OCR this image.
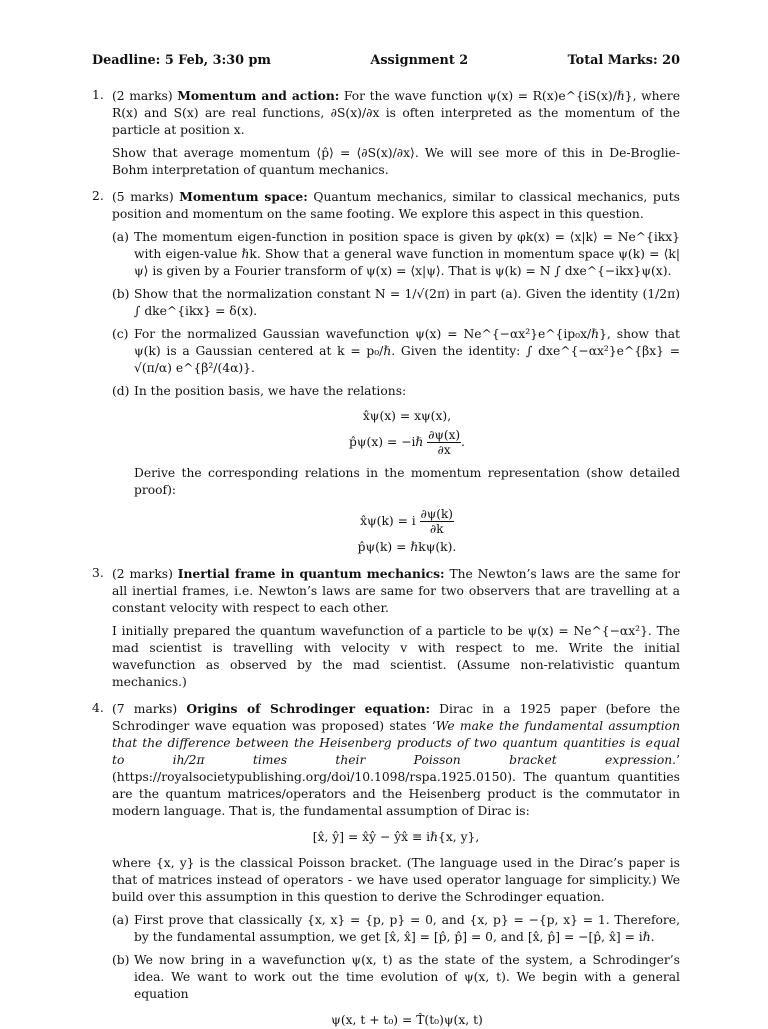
Deadline: 5 Feb, 3:30 pm	Assignment 2	Total Marks: 20
1. (2 marks) Momentum and action: For the wave function ψ(x) = R(x)e^{iS(x)/ℏ}, where R(x) and S(x) are real functions, ∂S(x)/∂x is often interpreted as the momentum of the particle at position x.

Show that average momentum ⟨p̂⟩ = ⟨∂S(x)/∂x⟩. We will see more of this in De-Broglie-Bohm interpretation of quantum mechanics.

2. (5 marks) Momentum space: Quantum mechanics, similar to classical mechanics, puts position and momentum on the same footing. We explore this aspect in this question.

(a) The momentum eigen-function in position space is given by φk(x) = ⟨x|k⟩ = Ne^{ikx} with eigen-value ℏk. Show that a general wave function in momentum space ψ(k) = ⟨k|ψ⟩ is given by a Fourier transform of ψ(x) = ⟨x|ψ⟩. That is ψ(k) = N ∫ dxe^{−ikx}ψ(x).
(b) Show that the normalization constant N = 1/√(2π) in part (a). Given the identity (1/2π) ∫ dke^{ikx} = δ(x).
(c) For the normalized Gaussian wavefunction ψ(x) = Ne^{−αx²}e^{ip₀x/ℏ}, show that ψ(k) is a Gaussian centered at k = p₀/ℏ. Given the identity: ∫ dxe^{−αx²}e^{βx} = √(π/α) e^{β²/(4α)}.
(d) In the position basis, we have the relations:
x̂ψ(x) = xψ(x),
p̂ψ(x) = −iℏ $\frac{\partial\psi(x)}{\partial x}$ .

Derive the corresponding relations in the momentum representation (show detailed proof):

x̂ψ(k) = i $\frac{\partial\psi(k)}{\partial k}$
p̂ψ(k) = ℏkψ(k).
3. (2 marks) Inertial frame in quantum mechanics: The Newton’s laws are the same for all inertial frames, i.e. Newton’s laws are same for two observers that are travelling at a constant velocity with respect to each other.

I initially prepared the quantum wavefunction of a particle to be ψ(x) = Ne^{−αx²}. The mad scientist is travelling with velocity v with respect to me. Write the initial wavefunction as observed by the mad scientist. (Assume non-relativistic quantum mechanics.)

4. (7 marks) Origins of Schrodinger equation: Dirac in a 1925 paper (before the Schrodinger wave equation was proposed) states ‘We make the fundamental assumption that the difference between the Heisenberg products of two quantum quantities is equal to ih/2π times their Poisson bracket expression.’ (https://royalsocietypublishing.org/doi/10.1098/rspa.1925.0150). The quantum quantities are the quantum matrices/operators and the Heisenberg product is the commutator in modern language. That is, the fundamental assumption of Dirac is:

[x̂, ŷ] = x̂ŷ − ŷx̂ ≡ iℏ{x, y},

where {x, y} is the classical Poisson bracket. (The language used in the Dirac’s paper is that of matrices instead of operators - we have used operator language for simplicity.) We build over this assumption in this question to derive the Schrodinger equation.

(a) First prove that classically {x, x} = {p, p} = 0, and {x, p} = −{p, x} = 1. Therefore, by the fundamental assumption, we get [x̂, x̂] = [p̂, p̂] = 0, and [x̂, p̂] = −[p̂, x̂] = iℏ.
(b) We now bring in a wavefunction ψ(x, t) as the state of the system, a Schrodinger’s idea. We want to work out the time evolution of ψ(x, t). We begin with a general equation
ψ(x, t + t₀) = T̂(t₀)ψ(x, t)
